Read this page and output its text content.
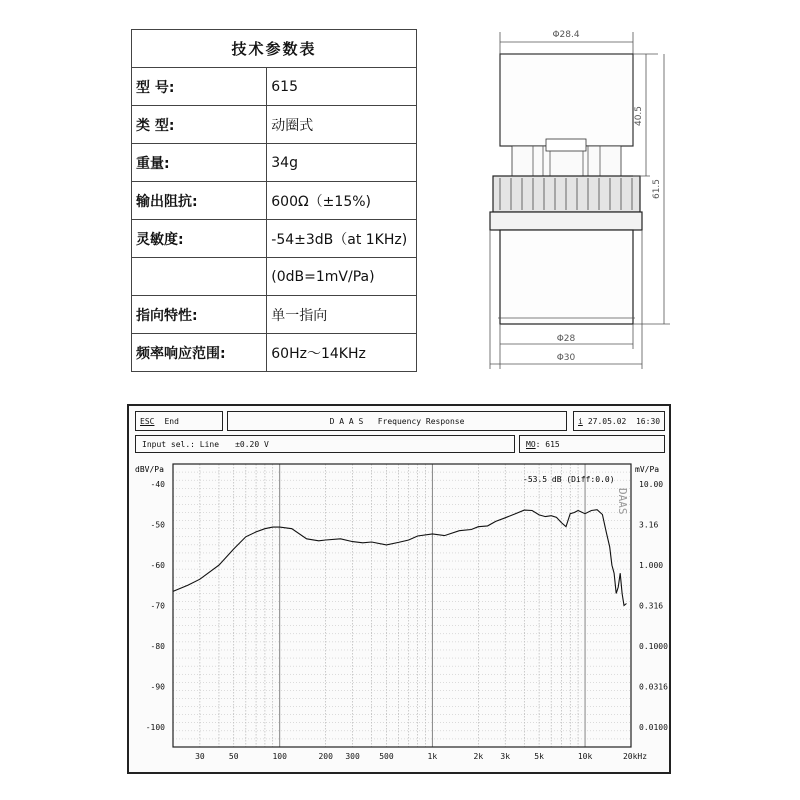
技术参数表	
型 号:	615
类 型:	动圈式
重量:	34g
输出阻抗:	600Ω（±15%)
灵敏度:	-54±3dB（at 1KHz)
	(0dB=1mV/Pa)
指向特性:	单一指向
频率响应范围:	60Hz～14KHz
Φ28.4
40.5
61.5
Φ28
Φ30
ESC End	D A A S   Frequency Response	i 27.05.02  16:30
Input sel.: Line ±0.20 V	MO : 615
-40
-50
-60
-70
-80
-90
-100
10.00
3.16
1.000
0.316
0.1000
0.0316
0.0100
30	50	100	200 300 500	1k	2k 3k	5k	10k	20kHz
dBV/Pa	mV/Pa
-53.5 dB (Diff:0.0)
DAAS
